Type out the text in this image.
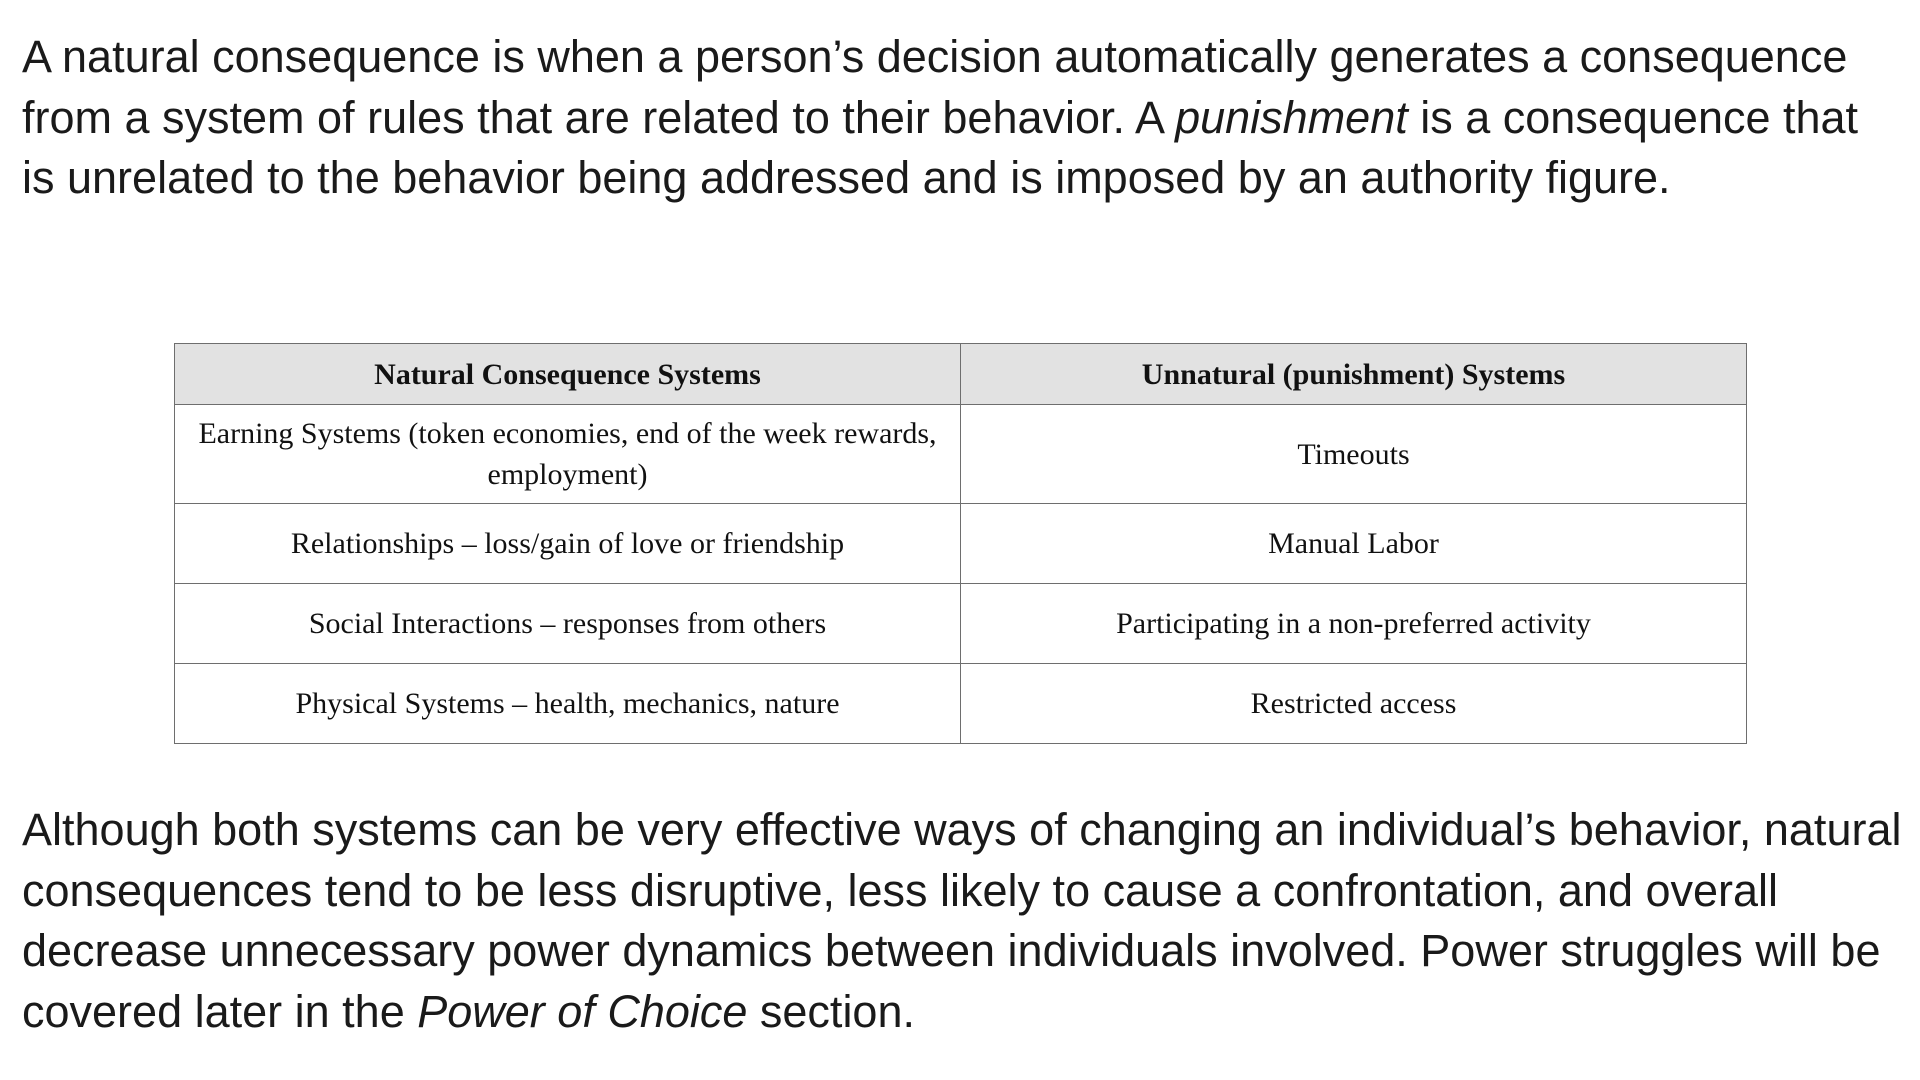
A natural consequence is when a person’s decision automatically generates a consequence from a system of rules that are related to their behavior. A punishment is a consequence that is unrelated to the behavior being addressed and is imposed by an authority figure.

Natural Consequence Systems	Unnatural (punishment) Systems
Earning Systems (token economies, end of the week rewards, employment)	Timeouts
Relationships – loss/gain of love or friendship	Manual Labor
Social Interactions – responses from others	Participating in a non-preferred activity
Physical Systems – health, mechanics, nature	Restricted access

Although both systems can be very effective ways of changing an individual’s behavior, natural consequences tend to be less disruptive, less likely to cause a confrontation, and overall decrease unnecessary power dynamics between individuals involved. Power struggles will be covered later in the Power of Choice section.
